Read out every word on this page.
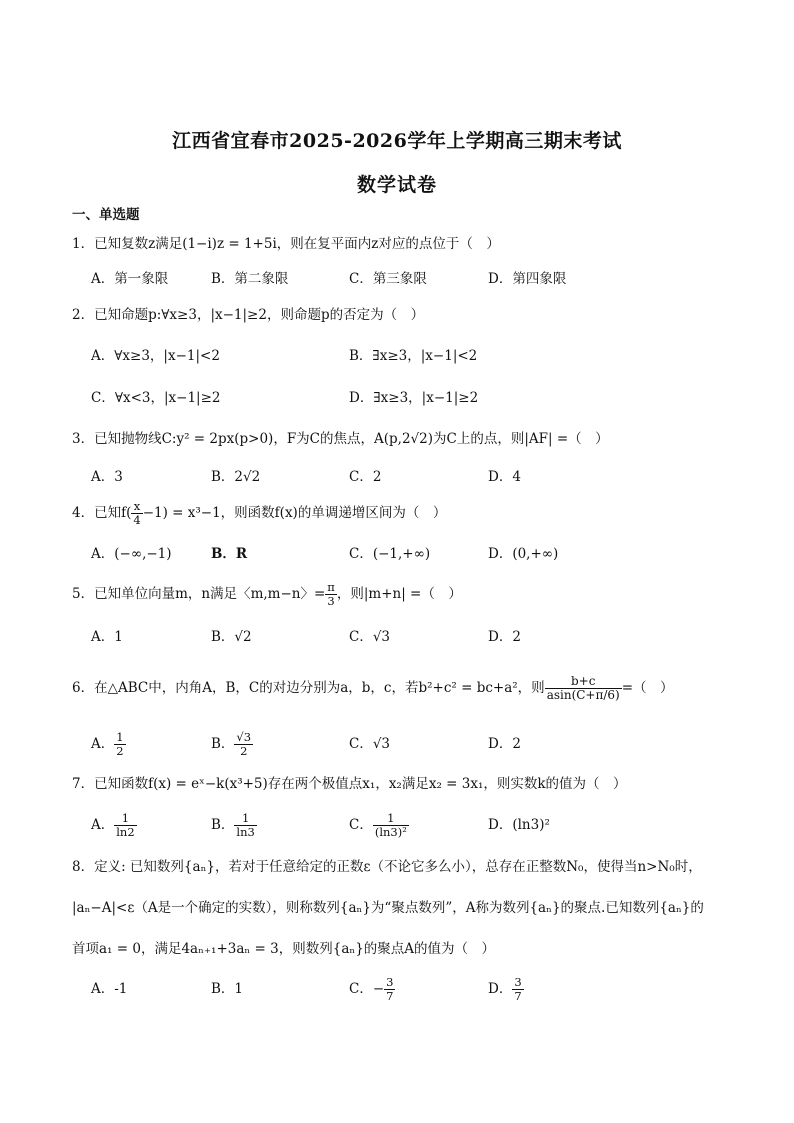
江西省宜春市2025-2026学年上学期高三期末考试
数学试卷
一、单选题
1．已知复数z满足(1−i)z = 1+5i，则在复平面内z对应的点位于（　）
A．第一象限	B．第二象限	C．第三象限	D．第四象限
2．已知命题p:∀x≥3，|x−1|≥2，则命题p的否定为（　）
A．∀x≥3，|x−1|<2	B．∃x≥3，|x−1|<2
C．∀x<3，|x−1|≥2	D．∃x≥3，|x−1|≥2
3．已知抛物线C:y² = 2px(p>0)，F为C的焦点，A(p,2√2)为C上的点，则|AF| =（　）
A．3	B．2√2	C．2	D．4
4．已知$f( \frac{x}{4} -1) = x^3-1$，则函数f(x)的单调递增区间为（　）
A．(−∞,−1)	B．R	C．(−1,+∞)	D．(0,+∞)
5．已知单位向量m，n满足〈m,m−n〉= $\frac{\pi}{3}$ ，则|m+n| =（　）
A．1	B．√2	C．√3	D．2
6．在△ABC中，内角A，B，C的对边分别为a，b，c，若b²+c² = bc+a²，则 $\frac{b+c}{asin(C+\pi/6)}$ =（　）
A． $\frac{1}{2}$	B． $\frac{√3}{2}$	C．√3	D．2
7．已知函数f(x) = eˣ−k(x³+5)存在两个极值点x₁，x₂满足x₂ = 3x₁，则实数k的值为（　）
A． $\frac{1}{\ln 2}$	B． $\frac{1}{\ln 3}$	C． $\frac{1}{\text{(ln3)²}}$	D．(ln3)²
8．定义: 已知数列{aₙ}，若对于任意给定的正数ε（不论它多么小），总存在正整数N₀，使得当n>N₀时，
|aₙ−A|<ε（A是一个确定的实数），则称数列{aₙ}为“聚点数列”，A称为数列{aₙ}的聚点.已知数列{aₙ}的
首项a₁ = 0，满足4aₙ₊₁+3aₙ = 3，则数列{aₙ}的聚点A的值为（　）
A．-1	B．1	C．− $\frac{3}{7}$	D． $\frac{3}{7}$
